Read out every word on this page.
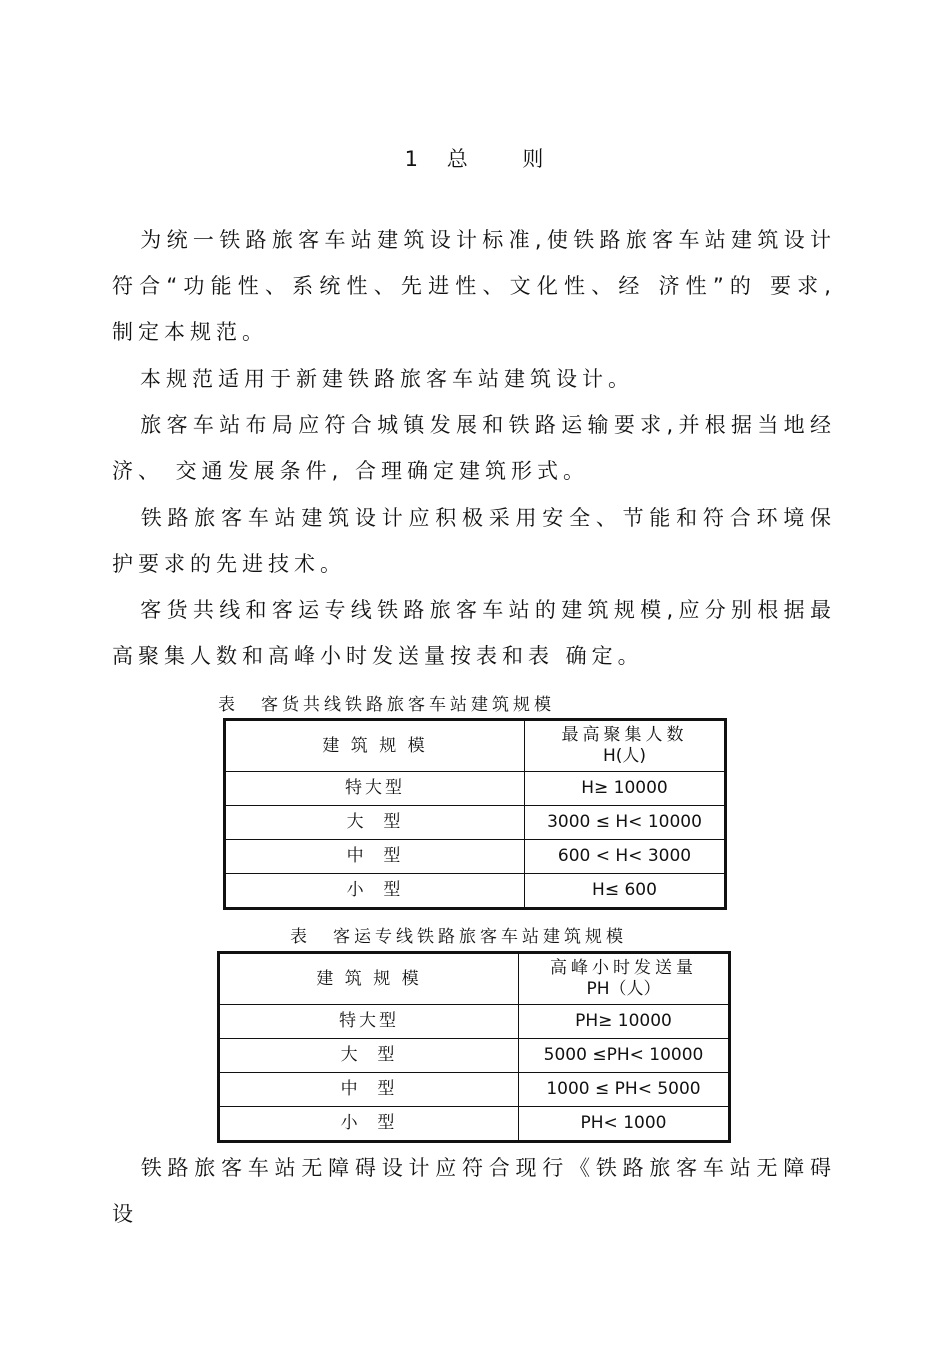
1 总	则

为统一铁路旅客车站建筑设计标准,使铁路旅客车站建筑设计符合“功能性、系统性、先进性、文化性、经 济性”的 要求, 制定本规范。

本规范适用于新建铁路旅客车站建筑设计。

旅客车站布局应符合城镇发展和铁路运输要求,并根据当地经济、 交通发展条件, 合理确定建筑形式。

铁路旅客车站建筑设计应积极采用安全、节能和符合环境保护要求的先进技术。

客货共线和客运专线铁路旅客车站的建筑规模,应分别根据最高聚集人数和高峰小时发送量按表和表 确定。

表 客货共线铁路旅客车站建筑规模
建 筑 规 模	最高聚集人数
H(人)

特大型	H≥ 10000
大  型	3000 ≤ H< 10000
中  型	600 < H< 3000
小  型	H≤ 600
表 客运专线铁路旅客车站建筑规模
建 筑 规 模	高峰小时发送量
PH（人）

特大型	PH≥ 10000
大  型	5000 ≤PH< 10000
中  型	1000 ≤ PH< 5000
小  型	PH< 1000

铁路旅客车站无障碍设计应符合现行《铁路旅客车站无障碍设
